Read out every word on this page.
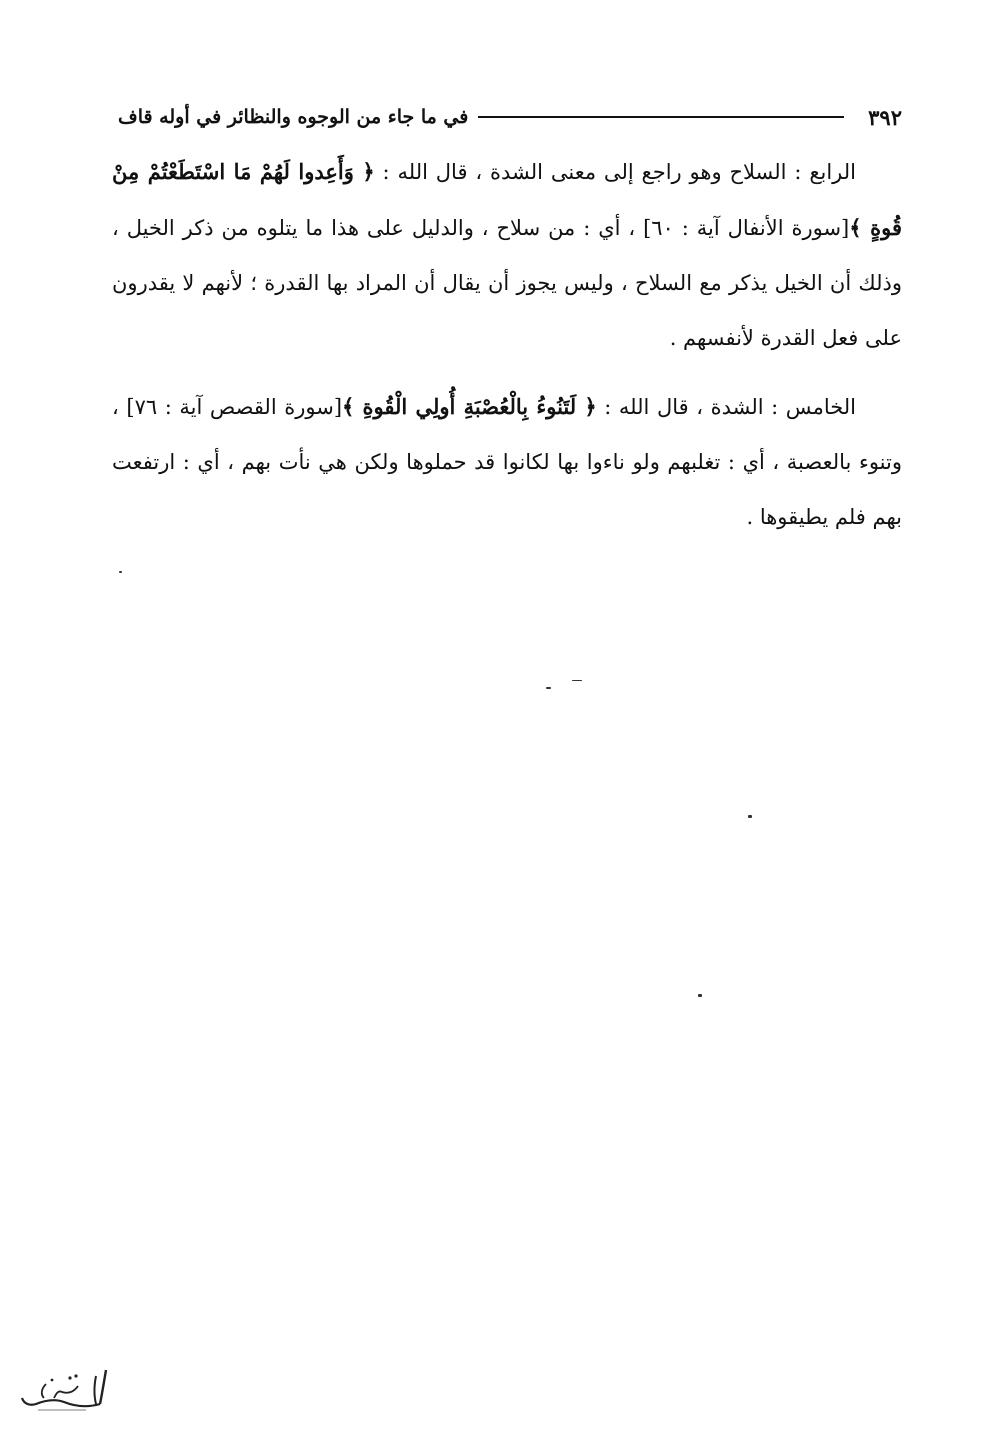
٣٩٢
في ما جاء من الوجوه والنظائر في أوله قاف

الرابع : السلاح وهو راجع إلى معنى الشدة ، قال الله : ﴿ وَأَعِدوا لَهُمْ مَا اسْتَطَعْتُمْ مِنْ قُوةٍ ﴾[سورة الأنفال آية : ٦٠] ، أي : من سلاح ، والدليل على هذا ما يتلوه من ذكر الخيل ، وذلك أن الخيل يذكر مع السلاح ، وليس يجوز أن يقال أن المراد بها القدرة ؛ لأنهم لا يقدرون على فعل القدرة لأنفسهم .

الخامس : الشدة ، قال الله : ﴿ لَتَنُوءُ بِالْعُصْبَةِ أُولِي الْقُوةِ ﴾[سورة القصص آية : ٧٦] ، وتنوء بالعصبة ، أي : تغلبهم ولو ناءوا بها لكانوا قد حملوها ولكن هي نأت بهم ، أي : ارتفعت بهم فلم يطيقوها .
